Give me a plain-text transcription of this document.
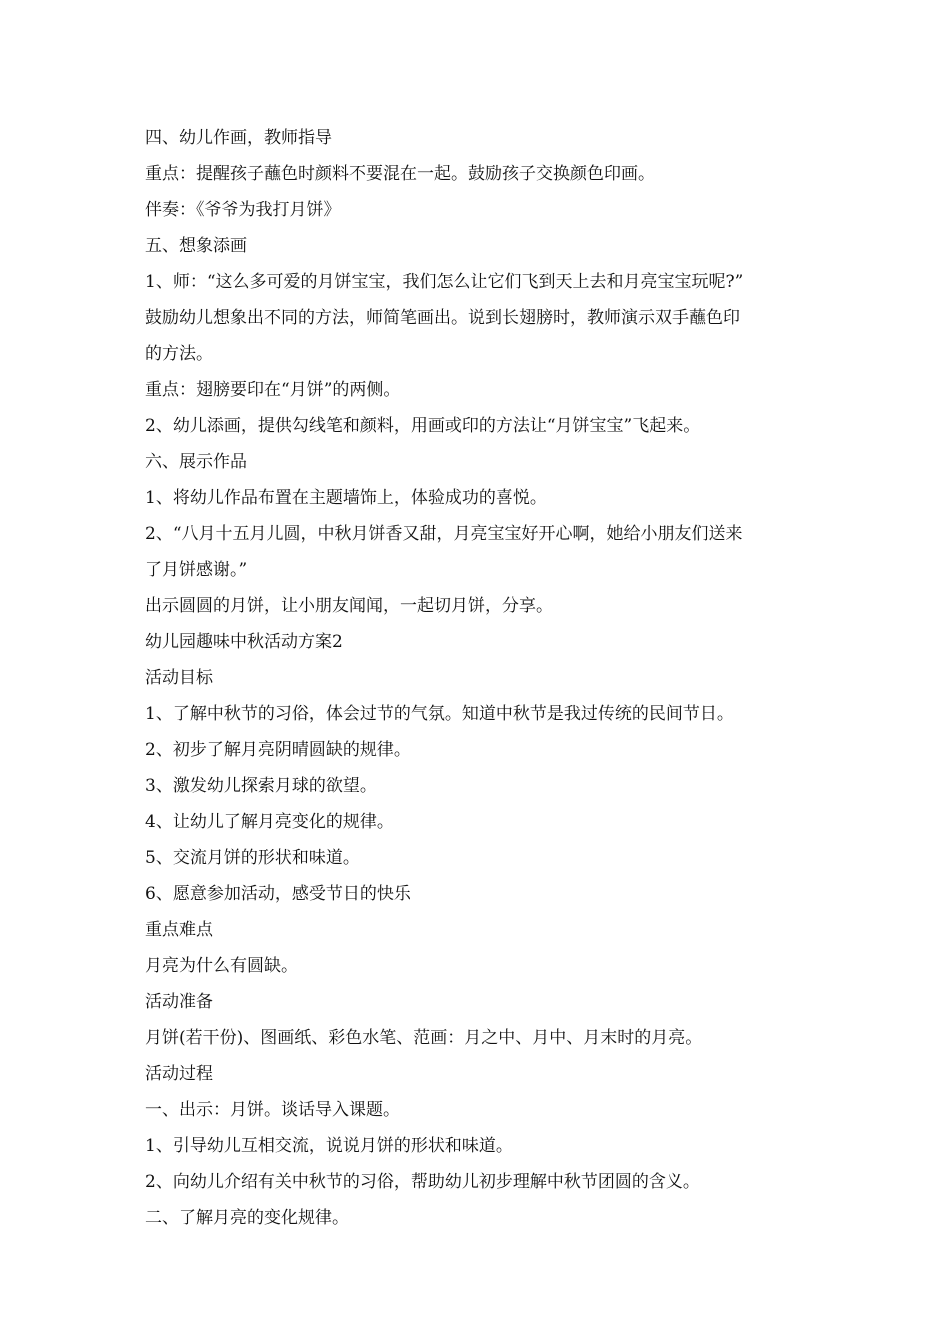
四、幼儿作画，教师指导

重点：提醒孩子蘸色时颜料不要混在一起。鼓励孩子交换颜色印画。

伴奏：《爷爷为我打月饼》

五、想象添画

1、师：“这么多可爱的月饼宝宝，我们怎么让它们飞到天上去和月亮宝宝玩呢?”

鼓励幼儿想象出不同的方法，师简笔画出。说到长翅膀时，教师演示双手蘸色印

的方法。

重点：翅膀要印在“月饼”的两侧。

2、幼儿添画，提供勾线笔和颜料，用画或印的方法让“月饼宝宝”飞起来。

六、展示作品

1、将幼儿作品布置在主题墙饰上，体验成功的喜悦。

2、“八月十五月儿圆，中秋月饼香又甜，月亮宝宝好开心啊，她给小朋友们送来

了月饼感谢。”

出示圆圆的月饼，让小朋友闻闻，一起切月饼，分享。

幼儿园趣味中秋活动方案2

活动目标

1、了解中秋节的习俗，体会过节的气氛。知道中秋节是我过传统的民间节日。

2、初步了解月亮阴晴圆缺的规律。

3、激发幼儿探索月球的欲望。

4、让幼儿了解月亮变化的规律。

5、交流月饼的形状和味道。

6、愿意参加活动，感受节日的快乐

重点难点

月亮为什么有圆缺。

活动准备

月饼(若干份)、图画纸、彩色水笔、范画：月之中、月中、月末时的月亮。

活动过程

一、出示：月饼。谈话导入课题。

1、引导幼儿互相交流，说说月饼的形状和味道。

2、向幼儿介绍有关中秋节的习俗，帮助幼儿初步理解中秋节团圆的含义。

二、了解月亮的变化规律。
